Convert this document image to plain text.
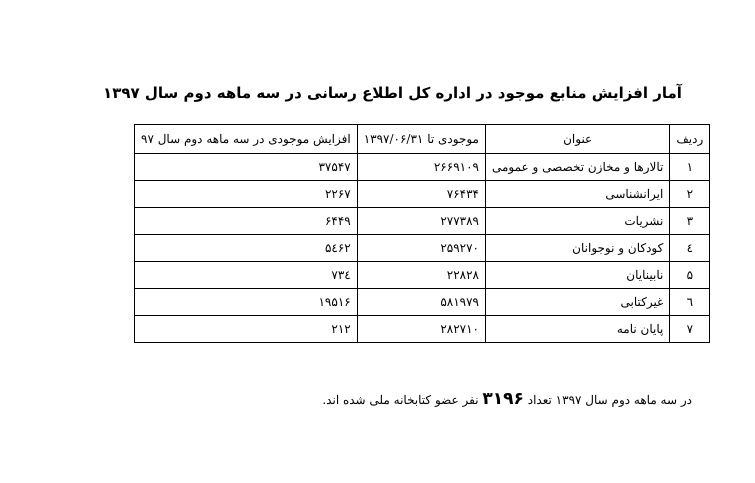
آمار افزایش منابع موجود در اداره کل اطلاع رسانی در سه ماهه دوم سال ۱۳۹۷
ردیف	عنوان	موجودی تا ۱۳۹۷/۰۶/۳۱	افزایش موجودی در سه ماهه دوم سال ۹۷
۱	تالارها و مخازن تخصصی و عمومی	۲۶۶۹۱۰۹	۳۷۵۴۷
۲	ایرانشناسی	۷۶۴۳۴	۲۲۶۷
۳	نشریات	۲۷۷۳۸۹	۶۴۴۹
٤	کودکان و نوجوانان	۲۵۹۲۷۰	۵٤۶۲
۵	نابینایان	۲۲۸۲۸	۷۳٤
٦	غیرکتابی	۵۸۱۹۷۹	۱۹۵۱۶
۷	پایان نامه	۲۸۲۷۱۰	۲۱۲
در سه ماهه دوم سال ۱۳۹۷ تعداد ۳۱۹۶ نفر عضو کتابخانه ملی شده اند.
